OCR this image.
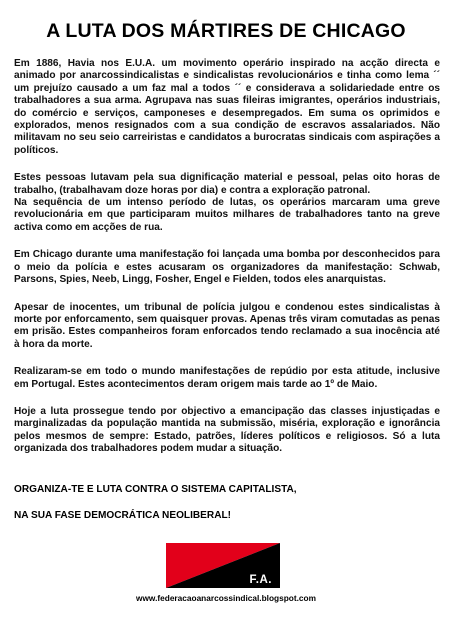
A LUTA DOS MÁRTIRES DE CHICAGO

Em 1886, Havia nos E.U.A. um movimento operário inspirado na acção directa e animado por anarcossindicalistas e sindicalistas revolucionários e tinha como lema ´´ um prejuízo causado a um faz mal a todos ´´ e considerava a solidariedade entre os trabalhadores a sua arma. Agrupava nas suas fileiras imigrantes, operários industriais, do comércio e serviços, camponeses e desempregados. Em suma os oprimidos e explorados, menos resignados com a sua condição de escravos assalariados. Não militavam no seu seio carreiristas e candidatos a burocratas sindicais com aspirações a políticos.

Estes pessoas lutavam pela sua dignificação material e pessoal, pelas oito horas de trabalho, (trabalhavam doze horas por dia) e contra a exploração patronal.

Na sequência de um intenso período de lutas, os operários marcaram uma greve revolucionária em que participaram muitos milhares de trabalhadores tanto na greve activa como em acções de rua.

Em Chicago durante uma manifestação foi lançada uma bomba por desconhecidos para o meio da polícia e estes acusaram os organizadores da manifestação: Schwab, Parsons, Spies, Neeb, Lingg, Fosher, Engel e Fielden, todos eles anarquistas.

Apesar de inocentes, um tribunal de polícia julgou e condenou estes sindicalistas à morte por enforcamento, sem quaisquer provas. Apenas três viram comutadas as penas em prisão. Estes companheiros foram enforcados tendo reclamado a sua inocência até à hora da morte.

Realizaram-se em todo o mundo manifestações de repúdio por esta atitude, inclusive em Portugal. Estes acontecimentos deram origem mais tarde ao 1º de Maio.

Hoje a luta prossegue tendo por objectivo a emancipação das classes injustiçadas e marginalizadas da população mantida na submissão, miséria, exploração e ignorância pelos mesmos de sempre: Estado, patrões, líderes políticos e religiosos. Só a luta organizada dos trabalhadores podem mudar a situação.

ORGANIZA-TE E LUTA CONTRA O SISTEMA CAPITALISTA,
NA SUA FASE DEMOCRÁTICA NEOLIBERAL!
F.A.
www.federacaoanarcossindical.blogspot.com
